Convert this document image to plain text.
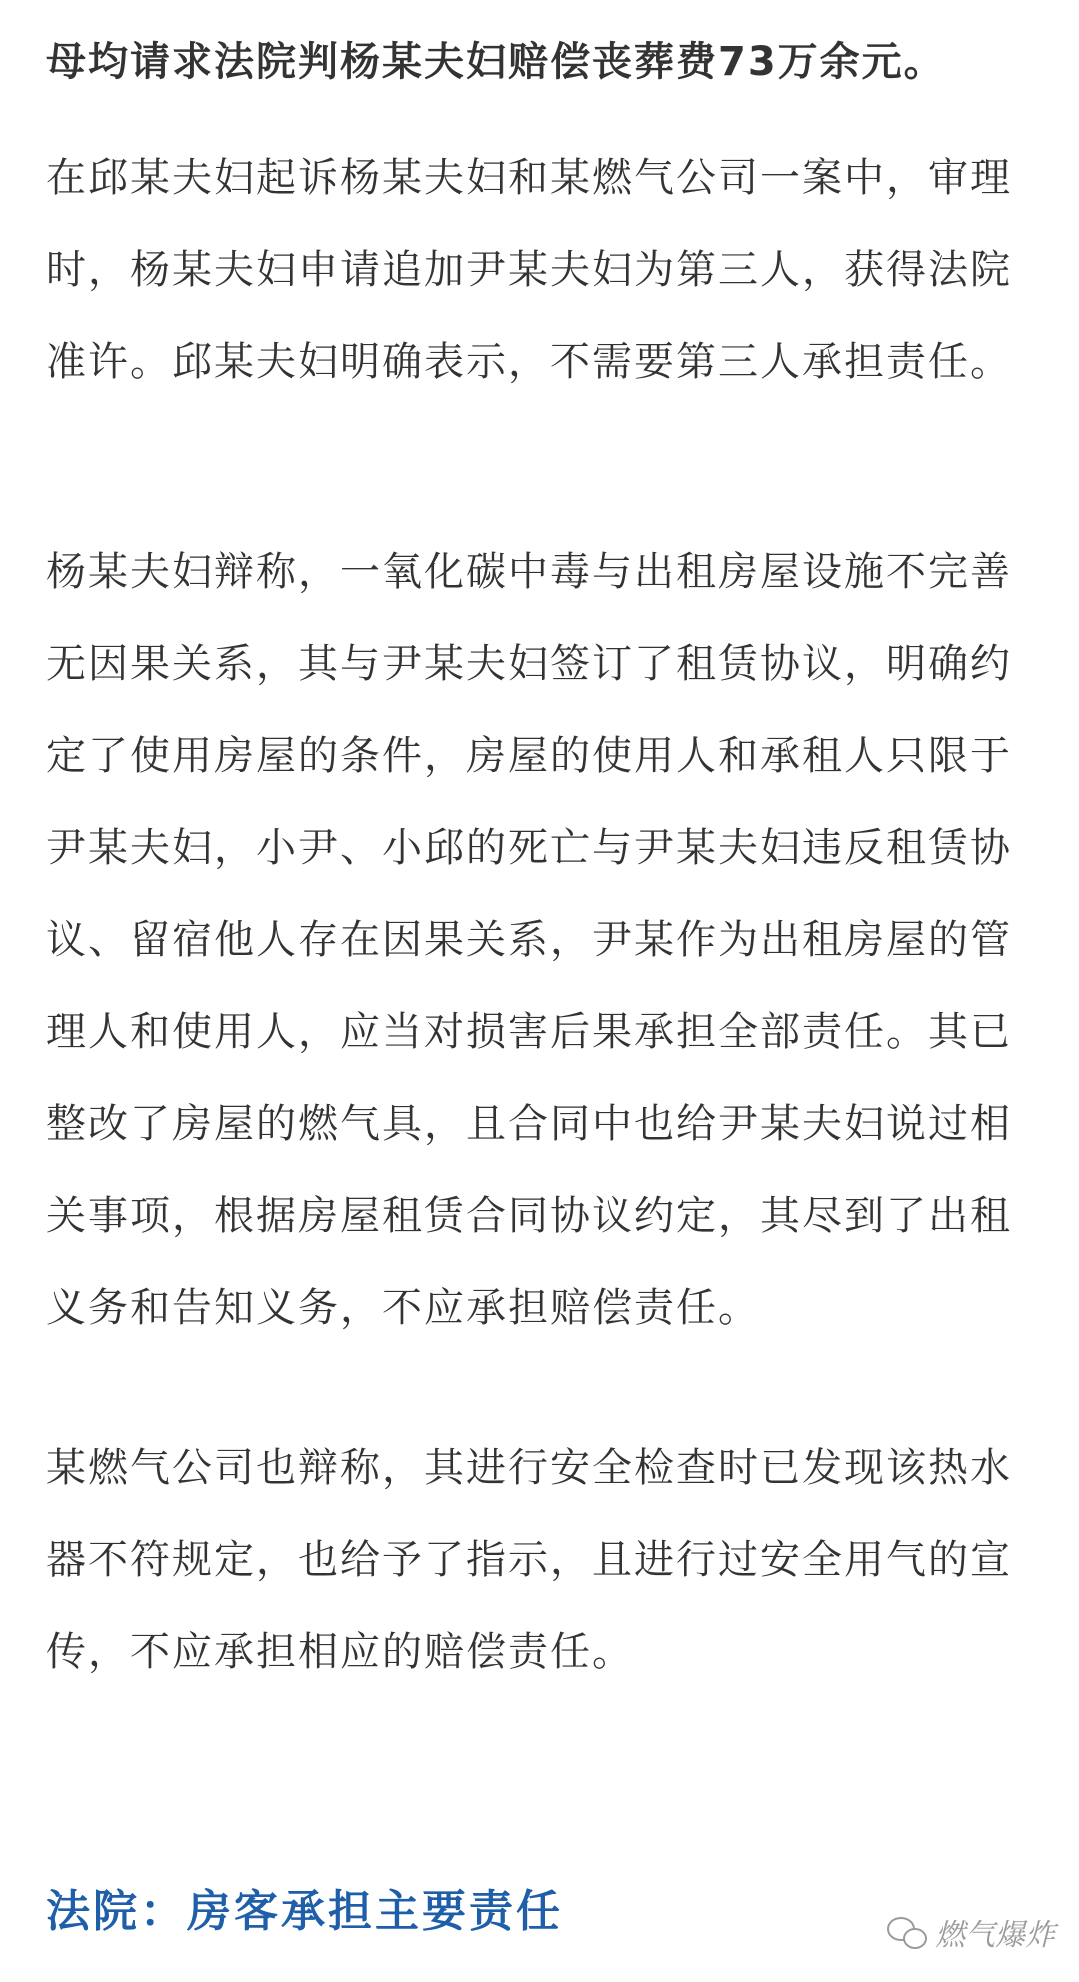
母均请求法院判杨某夫妇赔偿丧葬费73万余元。
在邱某夫妇起诉杨某夫妇和某燃气公司一案中，审理
时，杨某夫妇申请追加尹某夫妇为第三人，获得法院
准许。邱某夫妇明确表示，不需要第三人承担责任。
杨某夫妇辩称，一氧化碳中毒与出租房屋设施不完善
无因果关系，其与尹某夫妇签订了租赁协议，明确约
定了使用房屋的条件，房屋的使用人和承租人只限于
尹某夫妇，小尹、小邱的死亡与尹某夫妇违反租赁协
议、留宿他人存在因果关系，尹某作为出租房屋的管
理人和使用人，应当对损害后果承担全部责任。其已
整改了房屋的燃气具，且合同中也给尹某夫妇说过相
关事项，根据房屋租赁合同协议约定，其尽到了出租
义务和告知义务，不应承担赔偿责任。
某燃气公司也辩称，其进行安全检查时已发现该热水
器不符规定，也给予了指示，且进行过安全用气的宣
传，不应承担相应的赔偿责任。
法院：房客承担主要责任	燃气爆炸
